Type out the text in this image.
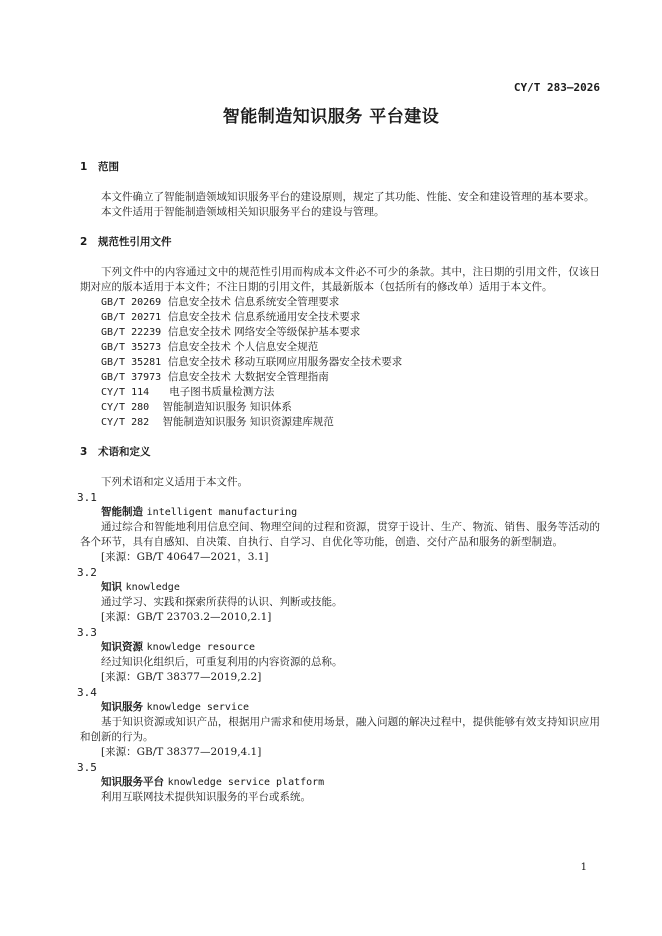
CY/T 283—2026
智能制造知识服务 平台建设

1 范围

本文件确立了智能制造领域知识服务平台的建设原则，规定了其功能、性能、安全和建设管理的基本要求。

本文件适用于智能制造领域相关知识服务平台的建设与管理。

2 规范性引用文件

下列文件中的内容通过文中的规范性引用而构成本文件必不可少的条款。其中，注日期的引用文件，仅该日期对应的版本适用于本文件；不注日期的引用文件，其最新版本（包括所有的修改单）适用于本文件。

GB/T 20269 信息安全技术 信息系统安全管理要求

GB/T 20271 信息安全技术 信息系统通用安全技术要求

GB/T 22239 信息安全技术 网络安全等级保护基本要求

GB/T 35273 信息安全技术 个人信息安全规范

GB/T 35281 信息安全技术 移动互联网应用服务器安全技术要求

GB/T 37973 信息安全技术 大数据安全管理指南

CY/T 114 电子图书质量检测方法

CY/T 280 智能制造知识服务 知识体系

CY/T 282 智能制造知识服务 知识资源建库规范

3 术语和定义

下列术语和定义适用于本文件。

3.1

智能制造 intelligent manufacturing

通过综合和智能地利用信息空间、物理空间的过程和资源，贯穿于设计、生产、物流、销售、服务等活动的各个环节，具有自感知、自决策、自执行、自学习、自优化等功能，创造、交付产品和服务的新型制造。

[来源：GB/T 40647—2021，3.1]

3.2

知识 knowledge

通过学习、实践和探索所获得的认识、判断或技能。

[来源：GB/T 23703.2—2010,2.1]

3.3

知识资源 knowledge resource

经过知识化组织后，可重复利用的内容资源的总称。

[来源：GB/T 38377—2019,2.2]

3.4

知识服务 knowledge service

基于知识资源或知识产品，根据用户需求和使用场景，融入问题的解决过程中，提供能够有效支持知识应用和创新的行为。

[来源：GB/T 38377—2019,4.1]

3.5

知识服务平台 knowledge service platform

利用互联网技术提供知识服务的平台或系统。

1
